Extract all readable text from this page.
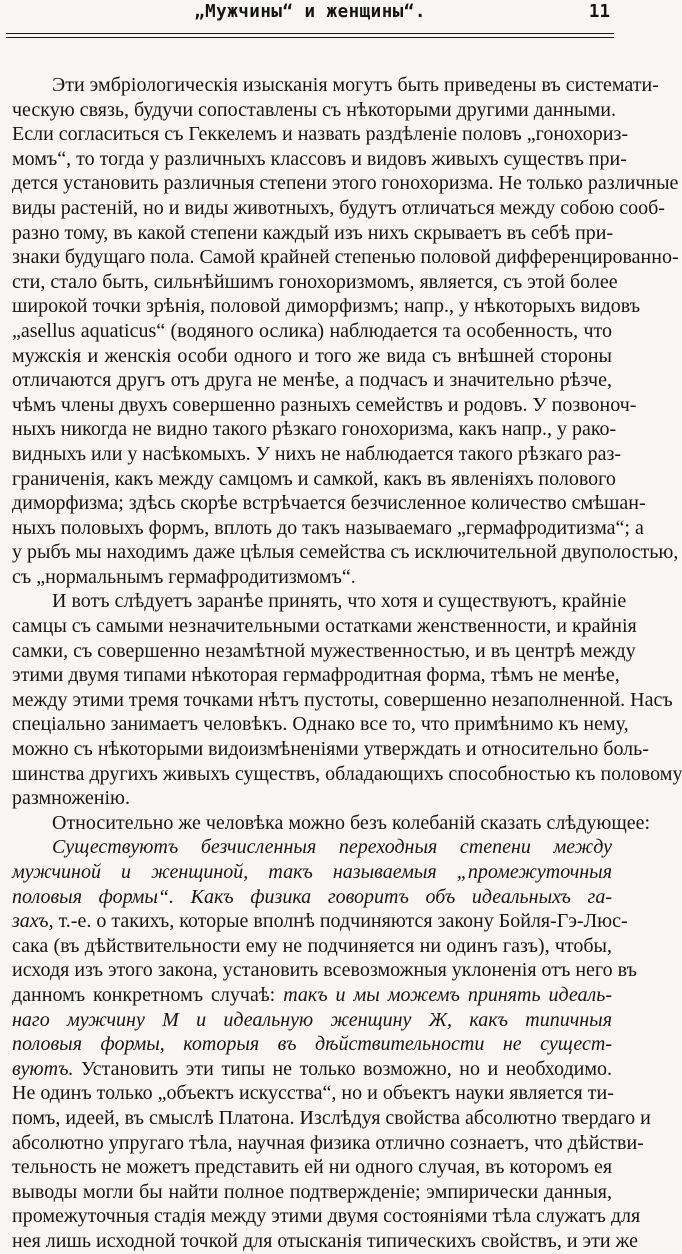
„Мужчины“ и женщины“.	11
Эти эмбріологическія изысканія могутъ быть приведены въ системати-
ческую связь, будучи сопоставлены съ нѣкоторыми другими данными.
Если согласиться съ Геккелемъ и назвать раздѣленіе половъ „гонохориз-
момъ“, то тогда у различныхъ классовъ и видовъ живыхъ существъ при-
дется установить различныя степени этого гонохоризма. Не только различные
виды растеній, но и виды животныхъ, будутъ отличаться между собою сооб-
разно тому, въ какой степени каждый изъ нихъ скрываетъ въ себѣ при-
знаки будущаго пола. Самой крайней степенью половой дифференцированно-
сти, стало быть, сильнѣйшимъ гонохоризмомъ, является, съ этой более
широкой точки зрѣнія, половой диморфизмъ; напр., у нѣкоторыхъ видовъ
„asellus aquaticus“ (водяного ослика) наблюдается та особенность, что
мужскія и женскія особи одного и того же вида съ внѣшней стороны
отличаются другъ отъ друга не менѣе, а подчасъ и значительно рѣзче,
чѣмъ члены двухъ совершенно разныхъ семействъ и родовъ. У позвоноч-
ныхъ никогда не видно такого рѣзкаго гонохоризма, какъ напр., у рако-
видныхъ или у насѣкомыхъ. У нихъ не наблюдается такого рѣзкаго раз-
граниченія, какъ между самцомъ и самкой, какъ въ явленіяхъ полового
диморфизма; здѣсь скорѣе встрѣчается безчисленное количество смѣшан-
ныхъ половыхъ формъ, вплоть до такъ называемаго „гермафродитизма“; а
у рыбъ мы находимъ даже цѣлыя семейства съ исключительной двуполостью,
съ „нормальнымъ гермафродитизмомъ“.
И вотъ слѣдуетъ заранѣе принять, что хотя и существуютъ, крайніе
самцы съ самыми незначительными остатками женственности, и крайнія
самки, съ совершенно незамѣтной мужественностью, и въ центрѣ между
этими двумя типами нѣкоторая гермафродитная форма, тѣмъ не менѣе,
между этими тремя точками нѣтъ пустоты, совершенно незаполненной. Насъ
спеціально занимаетъ человѣкъ. Однако все то, что примѣнимо къ нему,
можно съ нѣкоторыми видоизмѣненіями утверждать и относительно боль-
шинства другихъ живыхъ существъ, обладающихъ способностью къ половому
размноженію.
Относительно же человѣка можно безъ колебаній сказать слѣдующее:
Существуютъ безчисленныя переходныя степени между
мужчиной и женщиной, такъ называемыя „промежуточныя
половыя формы“. Какъ физика говоритъ объ идеальныхъ га-
захъ, т.-е. о такихъ, которые вполнѣ подчиняются закону Бойля-Гэ-Люс-
сака (въ дѣйствительности ему не подчиняется ни одинъ газъ), чтобы,
исходя изъ этого закона, установить всевозможныя уклоненія отъ него въ
данномъ конкретномъ случаѣ: такъ и мы можемъ принять идеаль-
наго мужчину М и идеальную женщину Ж, какъ типичныя
половыя формы, которыя въ дѣйствительности не сущест-
вуютъ. Установить эти типы не только возможно, но и необходимо.
Не одинъ только „объектъ искусства“, но и объектъ науки является ти-
помъ, идеей, въ смыслѣ Платона. Изслѣдуя свойства абсолютно твердаго и
абсолютно упругаго тѣла, научная физика отлично сознаетъ, что дѣйстви-
тельность не можетъ представить ей ни одного случая, въ которомъ ея
выводы могли бы найти полное подтвержденіе; эмпирически данныя,
промежуточныя стадія между этими двумя состояніями тѣла служатъ для
нея лишь исходной точкой для отысканія типическихъ свойствъ, и эти же
